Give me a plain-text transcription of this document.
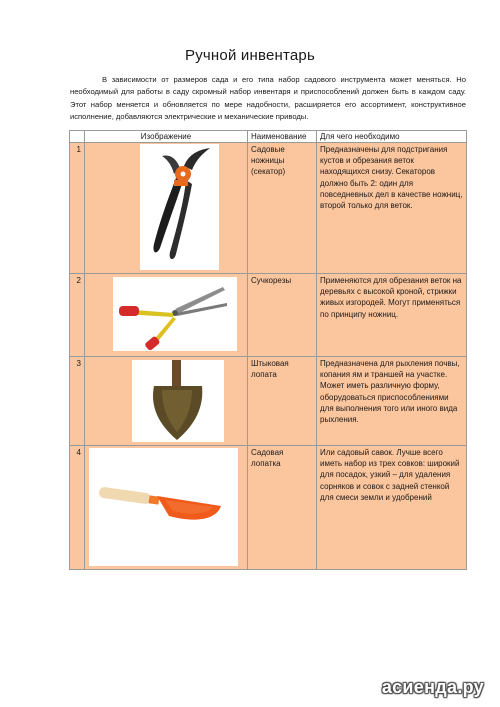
Ручной инвентарь
В зависимости от размеров сада и его типа набор садового инструмента может меняться. Но необходимый для работы в саду скромный набор инвентаря и приспособлений должен быть в каждом саду. Этот набор меняется и обновляется по мере надобности, расширяется его ассортимент, конструктивное исполнение, добавляются электрические и механические приводы.
	Изображение	Наименование	Для чего необходимо
1		Садовые ножницы (секатор)	Предназначены для подстригания кустов и обрезания веток находящихся снизу. Секаторов должно быть 2: один для повседневных дел в качестве ножниц, второй только для веток.
2		Сучкорезы	Применяются для обрезания веток на деревьях с высокой кроной, стрижки живых изгородей. Могут применяться по принципу ножниц.
3		Штыковая лопата	Предназначена для рыхления почвы, копания ям и траншей на участке. Может иметь различную форму, оборудоваться приспособлениями для выполнения того или иного вида рыхления.
4		Садовая лопатка	Или садовый савок. Лучше всего иметь набор из трех совков: широкий для посадок, узкий – для удаления сорняков и совок с задней стенкой для смеси земли и удобрений
асиенда.ру
